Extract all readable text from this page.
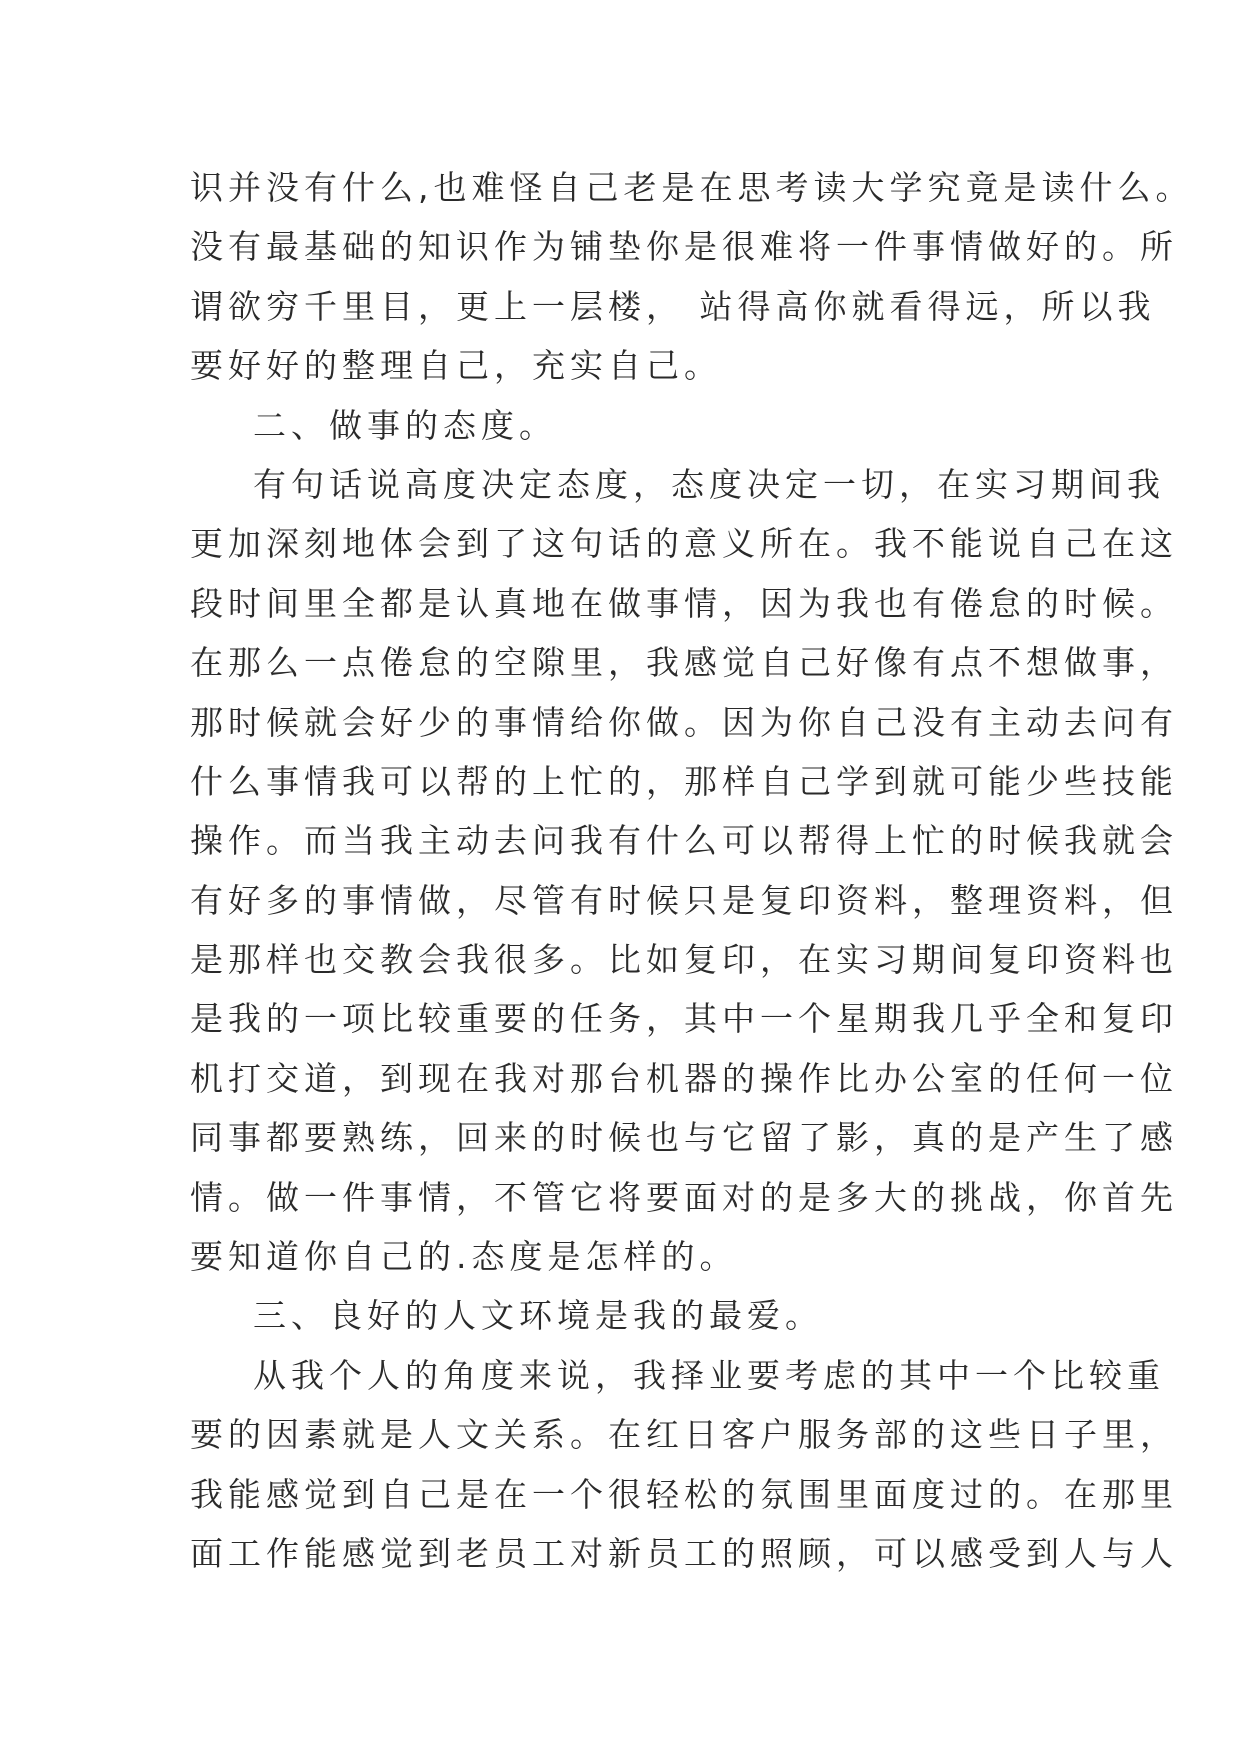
识并没有什么,也难怪自己老是在思考读大学究竟是读什么。
没有最基础的知识作为铺垫你是很难将一件事情做好的。所
谓欲穷千里目，更上一层楼， 站得高你就看得远，所以我
要好好的整理自己，充实自己。
二、做事的态度。
有句话说高度决定态度，态度决定一切，在实习期间我
更加深刻地体会到了这句话的意义所在。我不能说自己在这
段时间里全都是认真地在做事情，因为我也有倦怠的时候。
在那么一点倦怠的空隙里，我感觉自己好像有点不想做事，
那时候就会好少的事情给你做。因为你自己没有主动去问有
什么事情我可以帮的上忙的，那样自己学到就可能少些技能
操作。而当我主动去问我有什么可以帮得上忙的时候我就会
有好多的事情做，尽管有时候只是复印资料，整理资料，但
是那样也交教会我很多。比如复印，在实习期间复印资料也
是我的一项比较重要的任务，其中一个星期我几乎全和复印
机打交道，到现在我对那台机器的操作比办公室的任何一位
同事都要熟练，回来的时候也与它留了影，真的是产生了感
情。做一件事情，不管它将要面对的是多大的挑战，你首先
要知道你自己的.态度是怎样的。
三、良好的人文环境是我的最爱。
从我个人的角度来说，我择业要考虑的其中一个比较重
要的因素就是人文关系。在红日客户服务部的这些日子里，
我能感觉到自己是在一个很轻松的氛围里面度过的。在那里
面工作能感觉到老员工对新员工的照顾，可以感受到人与人
